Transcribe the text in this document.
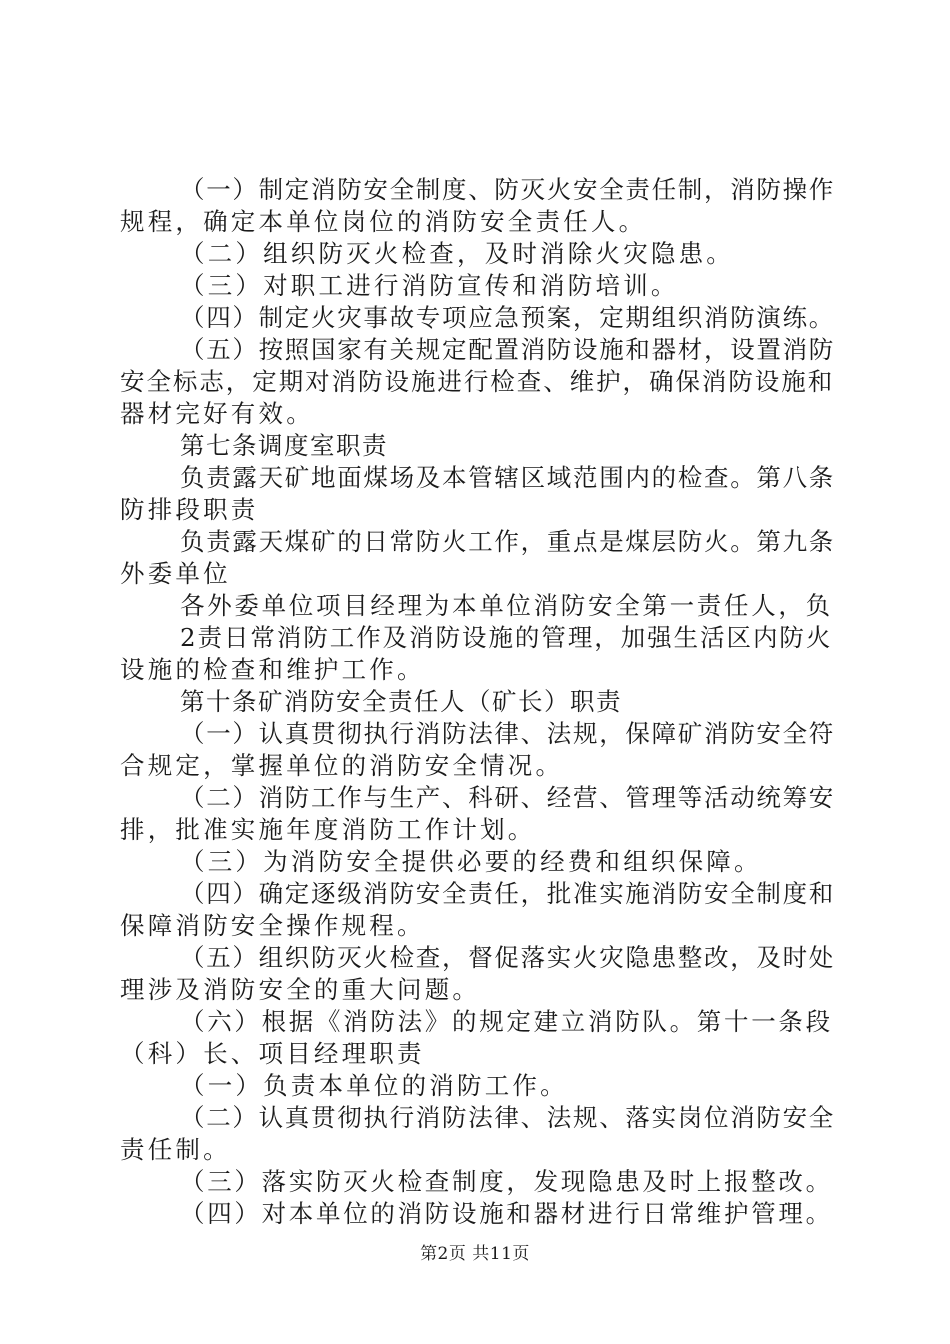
（一）制定消防安全制度、防灭火安全责任制，消防操作
规程，确定本单位岗位的消防安全责任人。
（二）组织防灭火检查，及时消除火灾隐患。
（三）对职工进行消防宣传和消防培训。
（四）制定火灾事故专项应急预案，定期组织消防演练。
（五）按照国家有关规定配置消防设施和器材，设置消防
安全标志，定期对消防设施进行检查、维护，确保消防设施和
器材完好有效。
第七条调度室职责
负责露天矿地面煤场及本管辖区域范围内的检查。第八条
防排段职责
负责露天煤矿的日常防火工作，重点是煤层防火。第九条
外委单位
各外委单位项目经理为本单位消防安全第一责任人，负
2责日常消防工作及消防设施的管理，加强生活区内防火
设施的检查和维护工作。
第十条矿消防安全责任人（矿长）职责
（一）认真贯彻执行消防法律、法规，保障矿消防安全符
合规定，掌握单位的消防安全情况。
（二）消防工作与生产、科研、经营、管理等活动统筹安
排，批准实施年度消防工作计划。
（三）为消防安全提供必要的经费和组织保障。
（四）确定逐级消防安全责任，批准实施消防安全制度和
保障消防安全操作规程。
（五）组织防灭火检查，督促落实火灾隐患整改，及时处
理涉及消防安全的重大问题。
（六）根据《消防法》的规定建立消防队。第十一条段
（科）长、项目经理职责
（一）负责本单位的消防工作。
（二）认真贯彻执行消防法律、法规、落实岗位消防安全
责任制。
（三）落实防灭火检查制度，发现隐患及时上报整改。
（四）对本单位的消防设施和器材进行日常维护管理。
第2页 共11页
